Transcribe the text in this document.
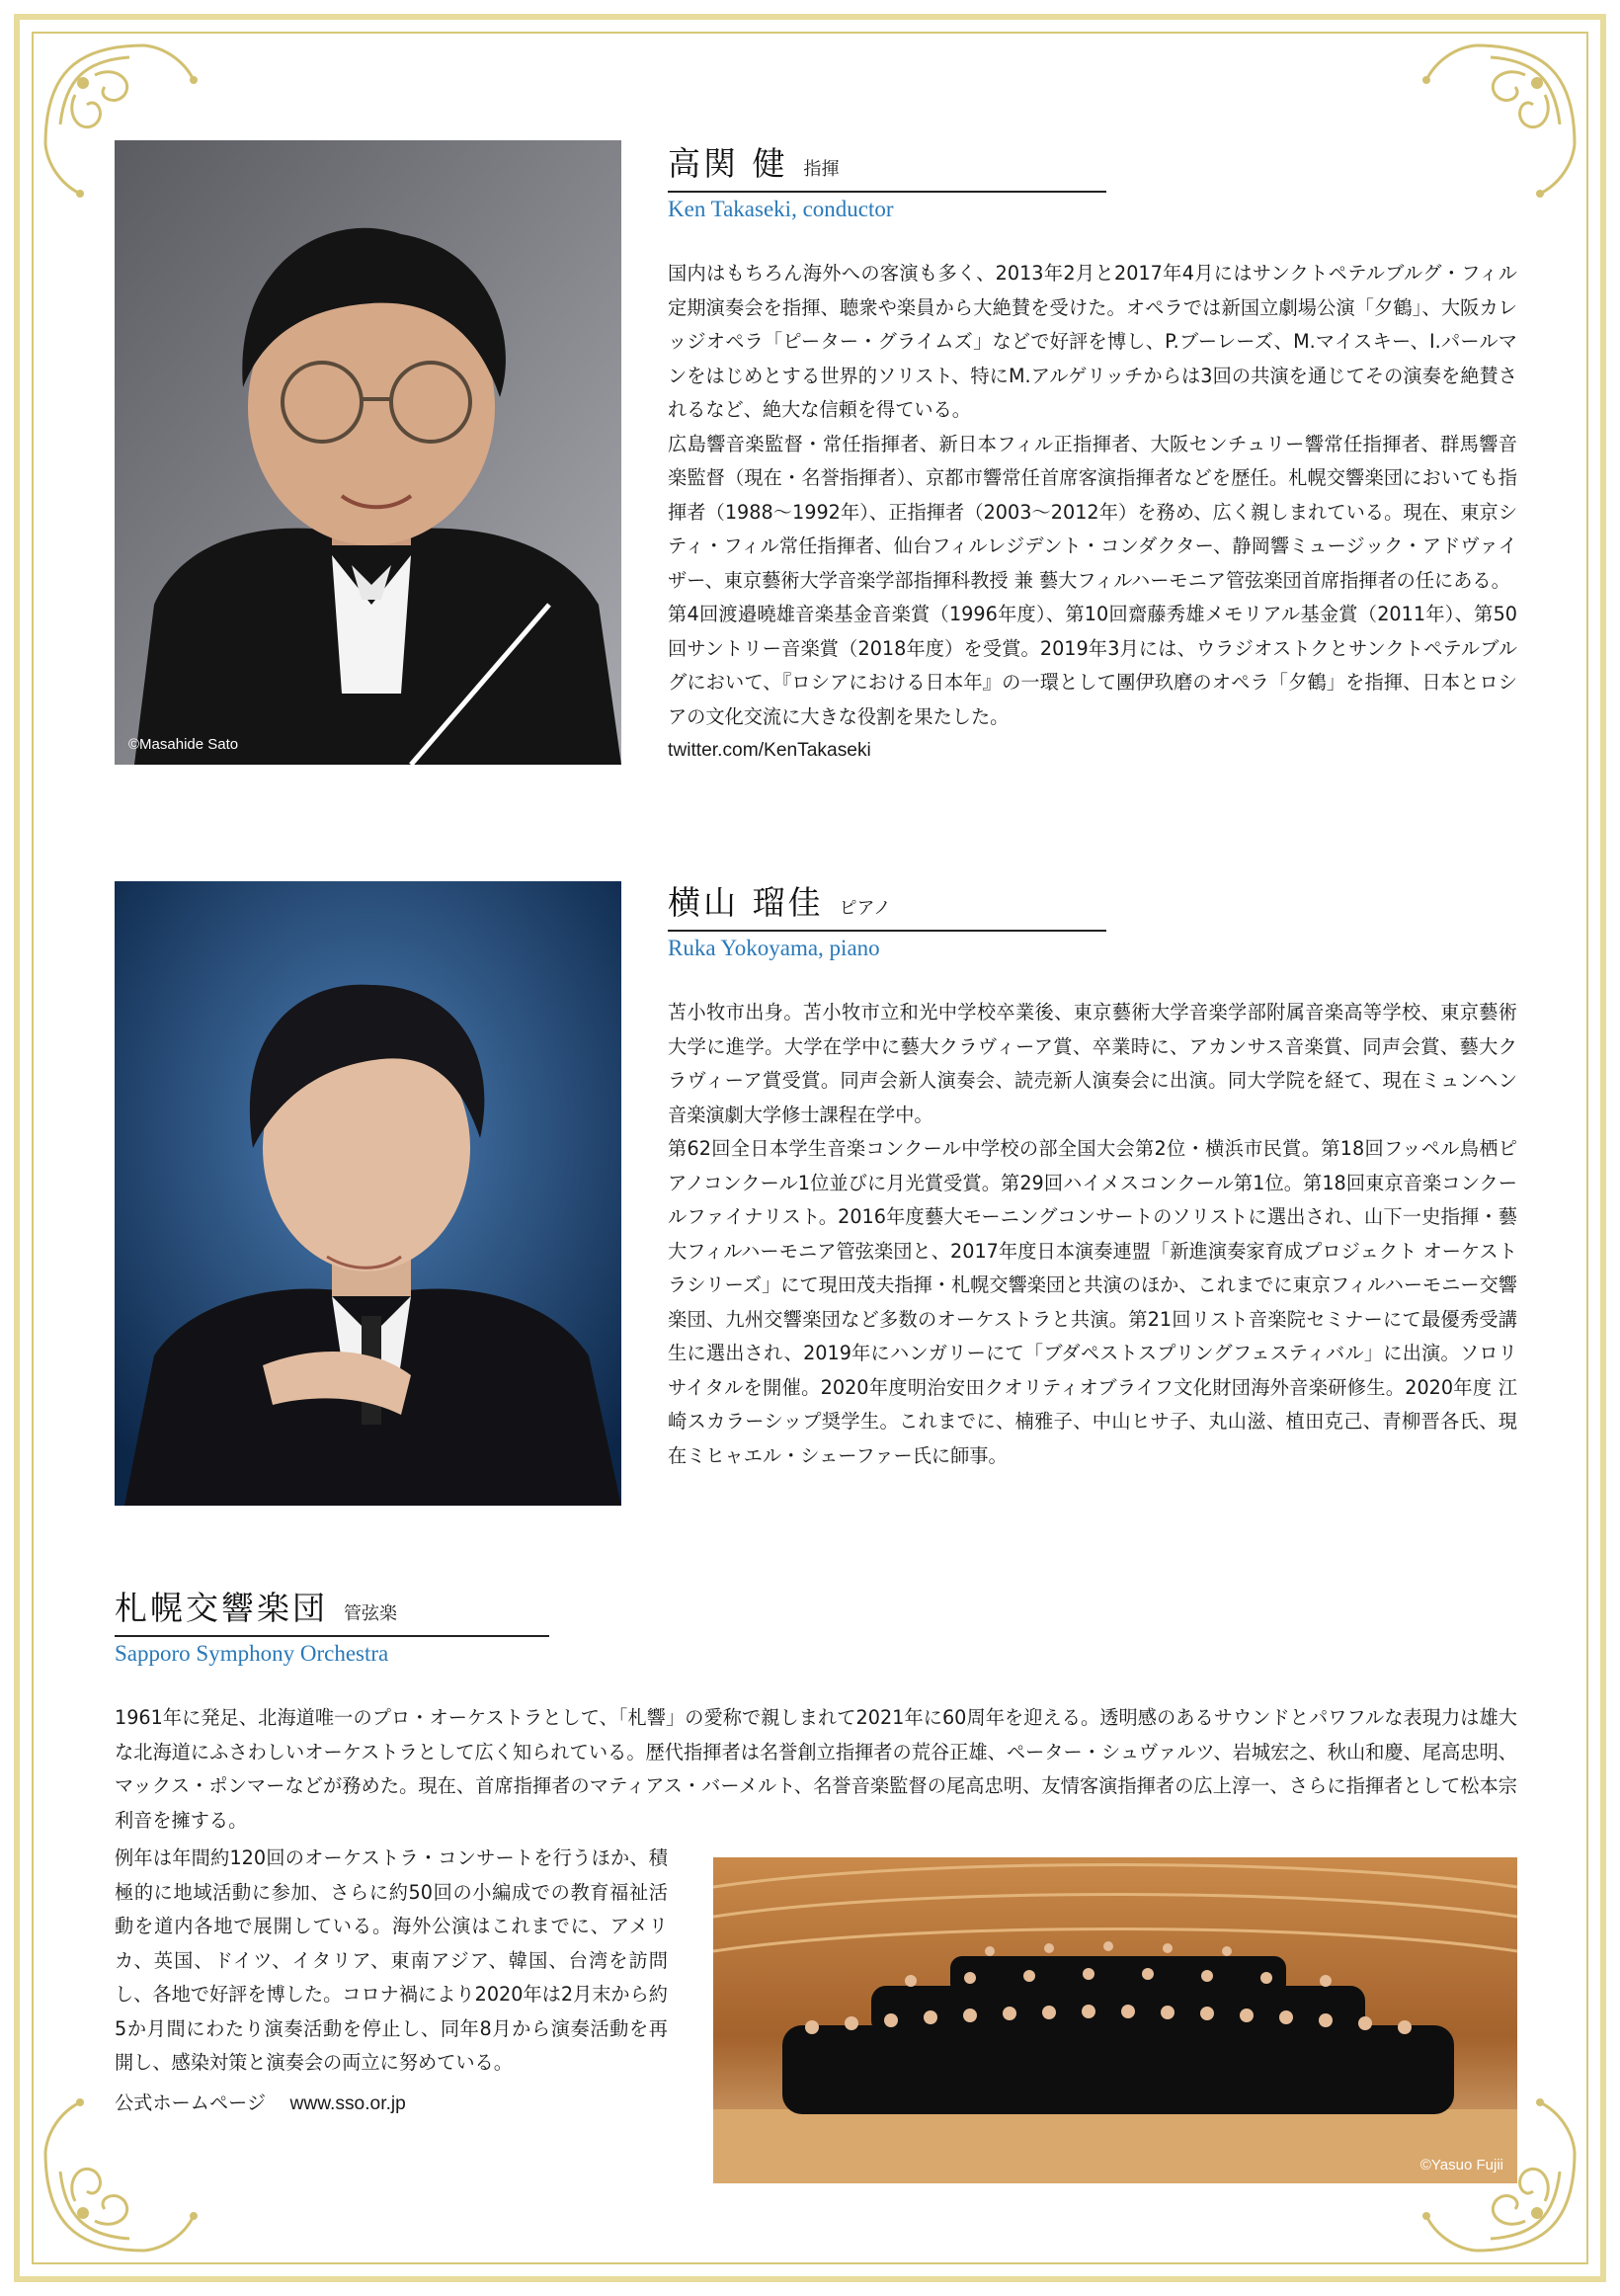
©Masahide Sato
高関 健 指揮
Ken Takaseki, conductor

国内はもちろん海外への客演も多く、2013年2月と2017年4月にはサンクトペテルブルグ・フィル定期演奏会を指揮、聴衆や楽員から大絶賛を受けた。オペラでは新国立劇場公演「夕鶴」、大阪カレッジオペラ「ピーター・グライムズ」などで好評を博し、P.ブーレーズ、M.マイスキー、I.パールマンをはじめとする世界的ソリスト、特にM.アルゲリッチからは3回の共演を通じてその演奏を絶賛されるなど、絶大な信頼を得ている。

広島響音楽監督・常任指揮者、新日本フィル正指揮者、大阪センチュリー響常任指揮者、群馬響音楽監督（現在・名誉指揮者）、京都市響常任首席客演指揮者などを歴任。札幌交響楽団においても指揮者（1988～1992年）、正指揮者（2003～2012年）を務め、広く親しまれている。現在、東京シティ・フィル常任指揮者、仙台フィルレジデント・コンダクター、静岡響ミュージック・アドヴァイザー、東京藝術大学音楽学部指揮科教授 兼 藝大フィルハーモニア管弦楽団首席指揮者の任にある。

第4回渡邉曉雄音楽基金音楽賞（1996年度）、第10回齋藤秀雄メモリアル基金賞（2011年）、第50回サントリー音楽賞（2018年度）を受賞。2019年3月には、ウラジオストクとサンクトペテルブルグにおいて、『ロシアにおける日本年』の一環として團伊玖磨のオペラ「夕鶴」を指揮、日本とロシアの文化交流に大きな役割を果たした。

twitter.com/KenTakaseki

横山 瑠佳 ピアノ
Ruka Yokoyama, piano

苫小牧市出身。苫小牧市立和光中学校卒業後、東京藝術大学音楽学部附属音楽高等学校、東京藝術大学に進学。大学在学中に藝大クラヴィーア賞、卒業時に、アカンサス音楽賞、同声会賞、藝大クラヴィーア賞受賞。同声会新人演奏会、読売新人演奏会に出演。同大学院を経て、現在ミュンヘン音楽演劇大学修士課程在学中。

第62回全日本学生音楽コンクール中学校の部全国大会第2位・横浜市民賞。第18回フッペル鳥栖ピアノコンクール1位並びに月光賞受賞。第29回ハイメスコンクール第1位。第18回東京音楽コンクールファイナリスト。2016年度藝大モーニングコンサートのソリストに選出され、山下一史指揮・藝大フィルハーモニア管弦楽団と、2017年度日本演奏連盟「新進演奏家育成プロジェクト オーケストラシリーズ」にて現田茂夫指揮・札幌交響楽団と共演のほか、これまでに東京フィルハーモニー交響楽団、九州交響楽団など多数のオーケストラと共演。第21回リスト音楽院セミナーにて最優秀受講生に選出され、2019年にハンガリーにて「ブダペストスプリングフェスティバル」に出演。ソロリサイタルを開催。2020年度明治安田クオリティオブライフ文化財団海外音楽研修生。2020年度 江崎スカラーシップ奨学生。これまでに、楠雅子、中山ヒサ子、丸山滋、植田克己、青柳晋各氏、現在ミヒャエル・シェーファー氏に師事。

札幌交響楽団 管弦楽
Sapporo Symphony Orchestra

1961年に発足、北海道唯一のプロ・オーケストラとして、「札響」の愛称で親しまれて2021年に60周年を迎える。透明感のあるサウンドとパワフルな表現力は雄大な北海道にふさわしいオーケストラとして広く知られている。歴代指揮者は名誉創立指揮者の荒谷正雄、ペーター・シュヴァルツ、岩城宏之、秋山和慶、尾高忠明、マックス・ポンマーなどが務めた。現在、首席指揮者のマティアス・バーメルト、名誉音楽監督の尾高忠明、友情客演指揮者の広上淳一、さらに指揮者として松本宗利音を擁する。

例年は年間約120回のオーケストラ・コンサートを行うほか、積極的に地域活動に参加、さらに約50回の小編成での教育福祉活動を道内各地で展開している。海外公演はこれまでに、アメリカ、英国、ドイツ、イタリア、東南アジア、韓国、台湾を訪問し、各地で好評を博した。コロナ禍により2020年は2月末から約5か月間にわたり演奏活動を停止し、同年8月から演奏活動を再開し、感染対策と演奏会の両立に努めている。

公式ホームページ www.sso.or.jp

©Yasuo Fujii
